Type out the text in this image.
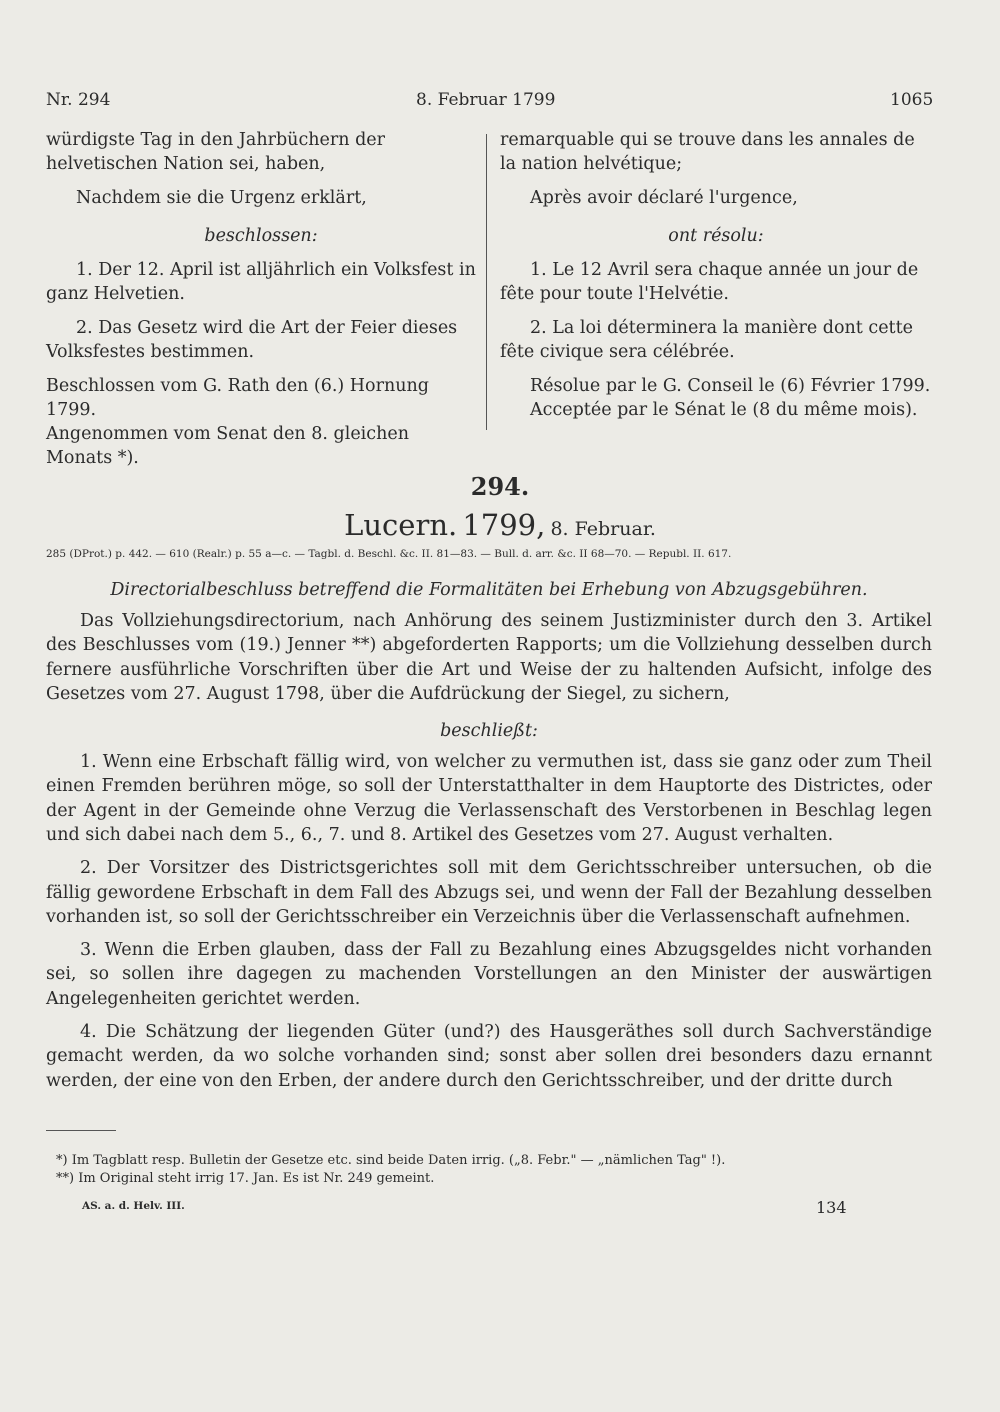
Nr. 294	8. Februar 1799	1065

würdigste Tag in den Jahrbüchern der helvetischen Nation sei, haben,

Nachdem sie die Urgenz erklärt,

beschlossen:

1. Der 12. April ist alljährlich ein Volksfest in ganz Helvetien.

2. Das Gesetz wird die Art der Feier dieses Volksfestes bestimmen.

Beschlossen vom G. Rath den (6.) Hornung 1799.

Angenommen vom Senat den 8. gleichen Monats *).

remarquable qui se trouve dans les annales de la nation helvétique;

Après avoir déclaré l'urgence,

ont résolu:

1. Le 12 Avril sera chaque année un jour de fête pour toute l'Helvétie.

2. La loi déterminera la manière dont cette fête civique sera célébrée.

Résolue par le G. Conseil le (6) Février 1799.

Acceptée par le Sénat le (8 du même mois).

294.
Lucern. 1799, 8. Februar.
285 (DProt.) p. 442. — 610 (Realr.) p. 55 a—c. — Tagbl. d. Beschl. &c. II. 81—83. — Bull. d. arr. &c. II 68—70. — Republ. II. 617.

Directorialbeschluss betreffend die Formalitäten bei Erhebung von Abzugsgebühren.

Das Vollziehungsdirectorium, nach Anhörung des seinem Justizminister durch den 3. Artikel des Beschlusses vom (19.) Jenner **) abgeforderten Rapports; um die Vollziehung desselben durch fernere ausführliche Vorschriften über die Art und Weise der zu haltenden Aufsicht, infolge des Gesetzes vom 27. August 1798, über die Aufdrückung der Siegel, zu sichern,

beschließt:

1. Wenn eine Erbschaft fällig wird, von welcher zu vermuthen ist, dass sie ganz oder zum Theil einen Fremden berühren möge, so soll der Unterstatthalter in dem Hauptorte des Districtes, oder der Agent in der Gemeinde ohne Verzug die Verlassenschaft des Verstorbenen in Beschlag legen und sich dabei nach dem 5., 6., 7. und 8. Artikel des Gesetzes vom 27. August verhalten.

2. Der Vorsitzer des Districtsgerichtes soll mit dem Gerichtsschreiber untersuchen, ob die fällig gewordene Erbschaft in dem Fall des Abzugs sei, und wenn der Fall der Bezahlung desselben vorhanden ist, so soll der Gerichtsschreiber ein Verzeichnis über die Verlassenschaft aufnehmen.

3. Wenn die Erben glauben, dass der Fall zu Bezahlung eines Abzugsgeldes nicht vorhanden sei, so sollen ihre dagegen zu machenden Vorstellungen an den Minister der auswärtigen Angelegenheiten gerichtet werden.

4. Die Schätzung der liegenden Güter (und?) des Hausgeräthes soll durch Sachverständige gemacht werden, da wo solche vorhanden sind; sonst aber sollen drei besonders dazu ernannt werden, der eine von den Erben, der andere durch den Gerichtsschreiber, und der dritte durch

*) Im Tagblatt resp. Bulletin der Gesetze etc. sind beide Daten irrig. („8. Febr." — „nämlichen Tag" !).

**) Im Original steht irrig 17. Jan. Es ist Nr. 249 gemeint.

AS. a. d. Helv. III.	134
